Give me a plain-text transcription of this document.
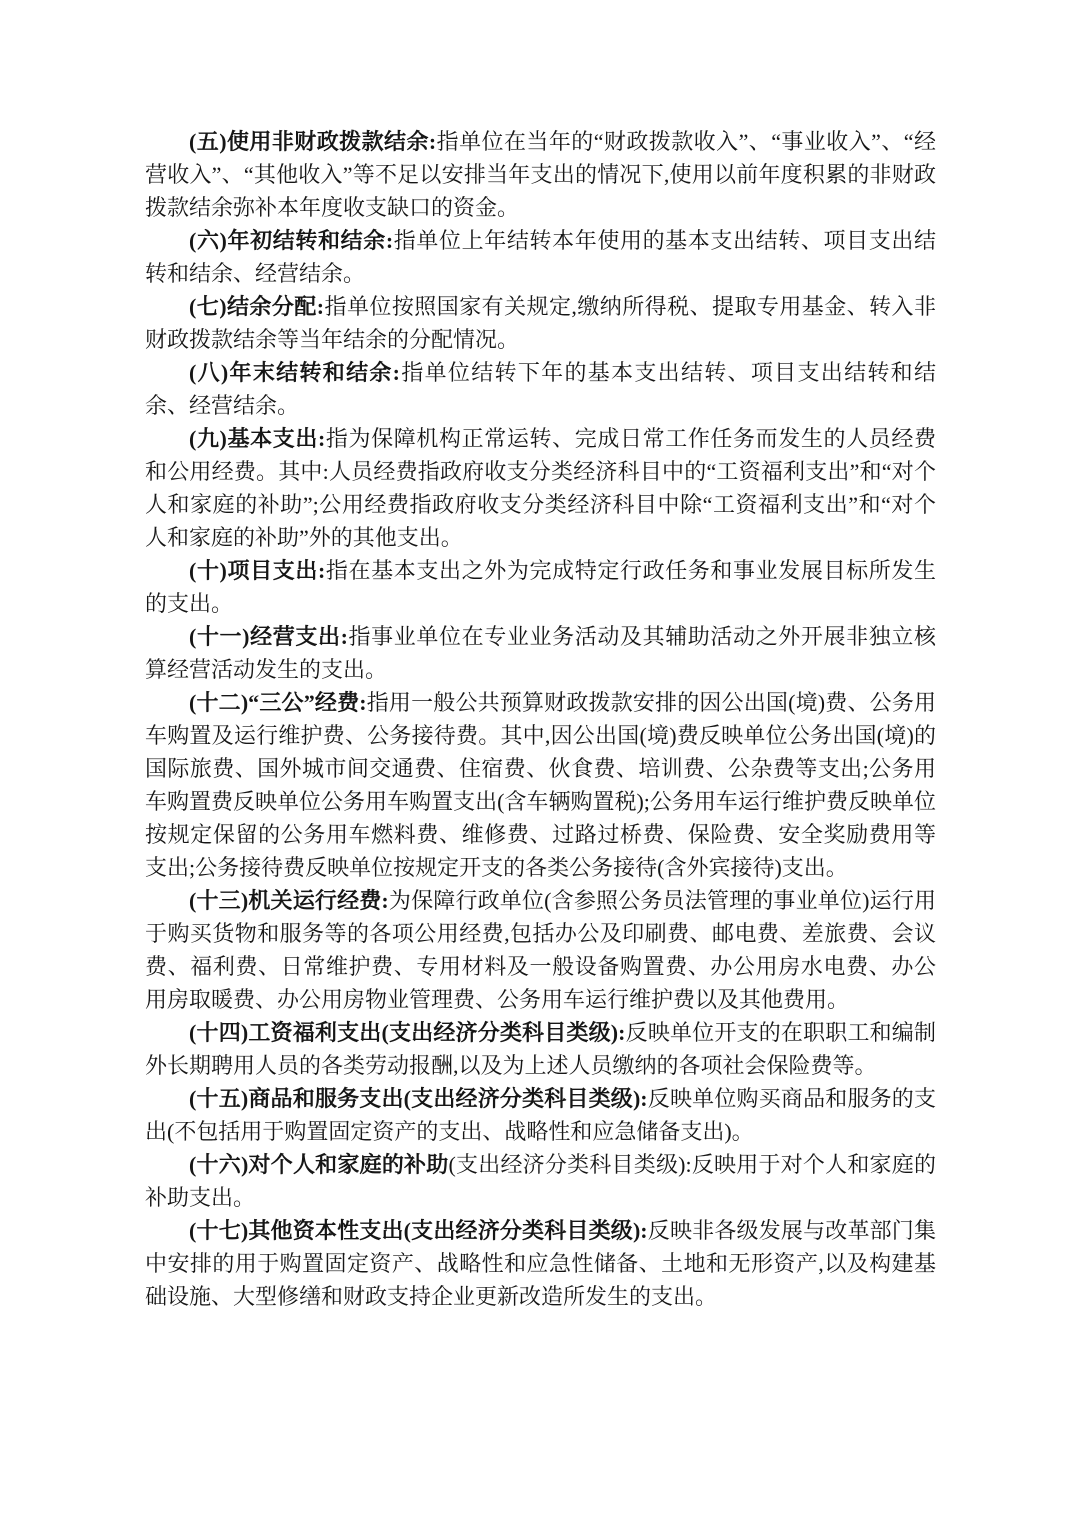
(五)使用非财政拨款结余:指单位在当年的“财政拨款收入”、“事业收入”、“经营收入”、“其他收入”等不足以安排当年支出的情况下,使用以前年度积累的非财政拨款结余弥补本年度收支缺口的资金。

(六)年初结转和结余:指单位上年结转本年使用的基本支出结转、项目支出结转和结余、经营结余。

(七)结余分配:指单位按照国家有关规定,缴纳所得税、提取专用基金、转入非财政拨款结余等当年结余的分配情况。

(八)年末结转和结余:指单位结转下年的基本支出结转、项目支出结转和结余、经营结余。

(九)基本支出:指为保障机构正常运转、完成日常工作任务而发生的人员经费和公用经费。其中:人员经费指政府收支分类经济科目中的“工资福利支出”和“对个人和家庭的补助”;公用经费指政府收支分类经济科目中除“工资福利支出”和“对个人和家庭的补助”外的其他支出。

(十)项目支出:指在基本支出之外为完成特定行政任务和事业发展目标所发生的支出。

(十一)经营支出:指事业单位在专业业务活动及其辅助活动之外开展非独立核算经营活动发生的支出。

(十二)“三公”经费:指用一般公共预算财政拨款安排的因公出国(境)费、公务用车购置及运行维护费、公务接待费。其中,因公出国(境)费反映单位公务出国(境)的国际旅费、国外城市间交通费、住宿费、伙食费、培训费、公杂费等支出;公务用车购置费反映单位公务用车购置支出(含车辆购置税);公务用车运行维护费反映单位按规定保留的公务用车燃料费、维修费、过路过桥费、保险费、安全奖励费用等支出;公务接待费反映单位按规定开支的各类公务接待(含外宾接待)支出。

(十三)机关运行经费:为保障行政单位(含参照公务员法管理的事业单位)运行用于购买货物和服务等的各项公用经费,包括办公及印刷费、邮电费、差旅费、会议费、福利费、日常维护费、专用材料及一般设备购置费、办公用房水电费、办公用房取暖费、办公用房物业管理费、公务用车运行维护费以及其他费用。

(十四)工资福利支出(支出经济分类科目类级):反映单位开支的在职职工和编制外长期聘用人员的各类劳动报酬,以及为上述人员缴纳的各项社会保险费等。

(十五)商品和服务支出(支出经济分类科目类级):反映单位购买商品和服务的支出(不包括用于购置固定资产的支出、战略性和应急储备支出)。

(十六)对个人和家庭的补助(支出经济分类科目类级):反映用于对个人和家庭的补助支出。

(十七)其他资本性支出(支出经济分类科目类级):反映非各级发展与改革部门集中安排的用于购置固定资产、战略性和应急性储备、土地和无形资产,以及构建基础设施、大型修缮和财政支持企业更新改造所发生的支出。
